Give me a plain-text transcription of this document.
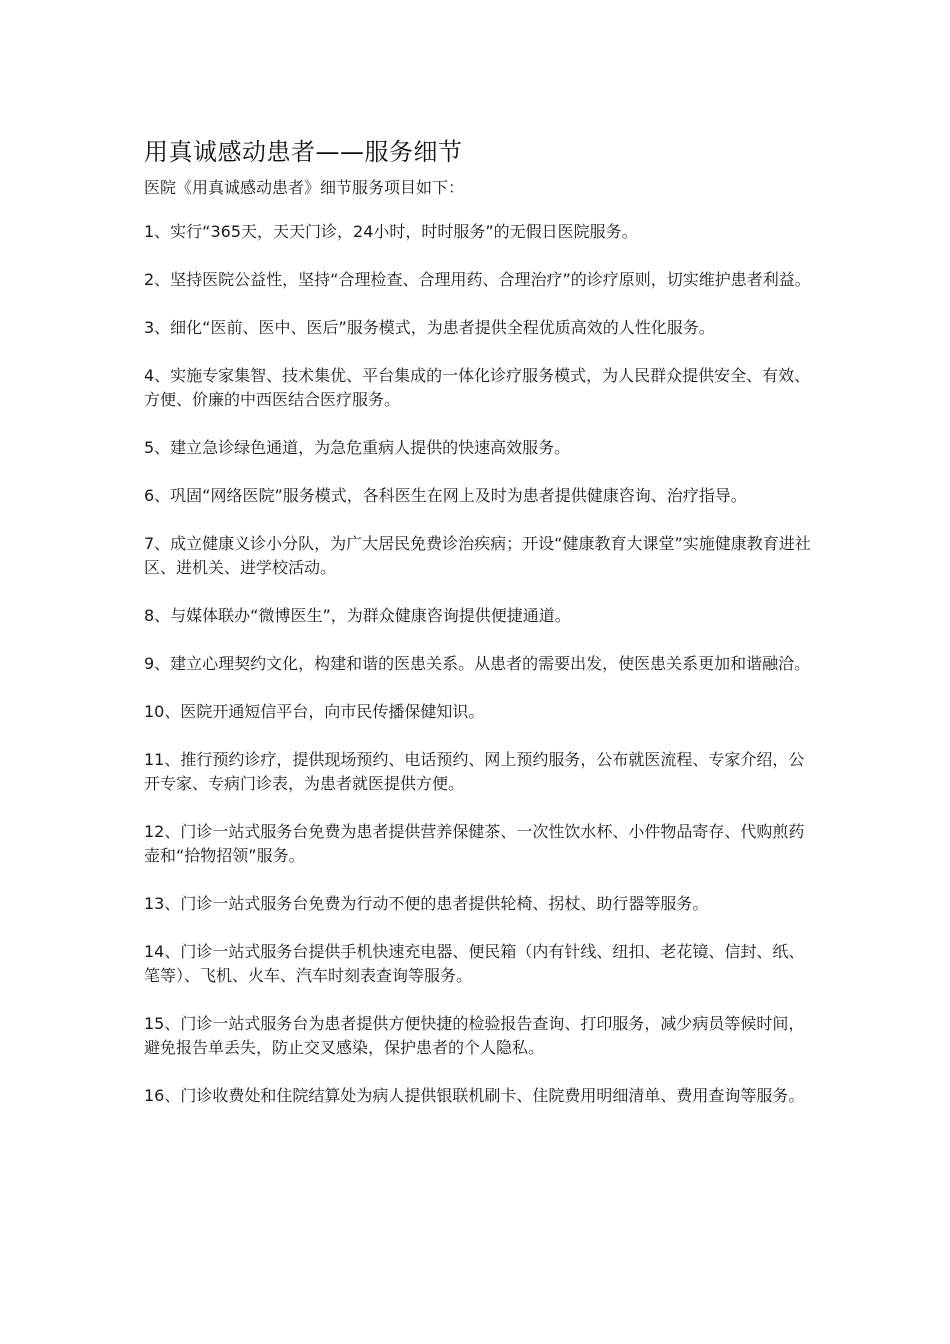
用真诚感动患者——服务细节

医院《用真诚感动患者》细节服务项目如下：

1、实行“365天，天天门诊，24小时，时时服务”的无假日医院服务。
2、坚持医院公益性，坚持“合理检查、合理用药、合理治疗”的诊疗原则，切实维护患者利益。
3、细化“医前、医中、医后”服务模式，为患者提供全程优质高效的人性化服务。
4、实施专家集智、技术集优、平台集成的一体化诊疗服务模式，为人民群众提供安全、有效、方便、价廉的中西医结合医疗服务。
5、建立急诊绿色通道，为急危重病人提供的快速高效服务。
6、巩固“网络医院”服务模式，各科医生在网上及时为患者提供健康咨询、治疗指导。
7、成立健康义诊小分队，为广大居民免费诊治疾病；开设“健康教育大课堂”实施健康教育进社区、进机关、进学校活动。
8、与媒体联办“微博医生”，为群众健康咨询提供便捷通道。
9、建立心理契约文化，构建和谐的医患关系。从患者的需要出发，使医患关系更加和谐融洽。
10、医院开通短信平台，向市民传播保健知识。
11、推行预约诊疗，提供现场预约、电话预约、网上预约服务，公布就医流程、专家介绍，公开专家、专病门诊表，为患者就医提供方便。
12、门诊一站式服务台免费为患者提供营养保健茶、一次性饮水杯、小件物品寄存、代购煎药壶和“拾物招领”服务。
13、门诊一站式服务台免费为行动不便的患者提供轮椅、拐杖、助行器等服务。
14、门诊一站式服务台提供手机快速充电器、便民箱（内有针线、纽扣、老花镜、信封、纸、笔等）、飞机、火车、汽车时刻表查询等服务。
15、门诊一站式服务台为患者提供方便快捷的检验报告查询、打印服务，减少病员等候时间，避免报告单丢失，防止交叉感染，保护患者的个人隐私。
16、门诊收费处和住院结算处为病人提供银联机刷卡、住院费用明细清单、费用查询等服务。
